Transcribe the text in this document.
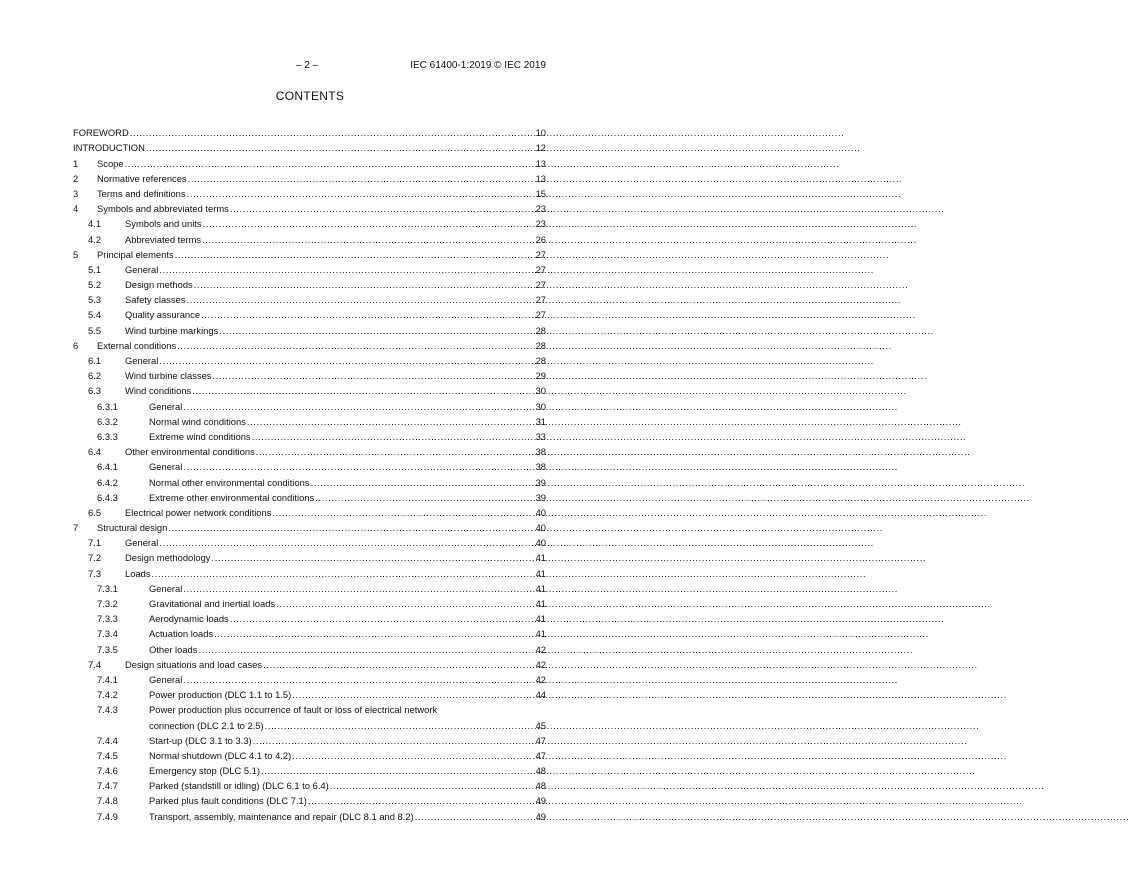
– 2 –	IEC 61400-1:2019 © IEC 2019
CONTENTS
FOREWORD .....	10
INTRODUCTION .....	12
1	Scope .....	13
2	Normative references .....	13
3	Terms and definitions .....	15
4	Symbols and abbreviated terms .....	23
4.1	Symbols and units .....	23
4.2	Abbreviated terms .....	26
5	Principal elements .....	27
5.1	General .....	27
5.2	Design methods .....	27
5.3	Safety classes .....	27
5.4	Quality assurance .....	27
5.5	Wind turbine markings .....	28
6	External conditions .....	28
6.1	General .....	28
6.2	Wind turbine classes .....	29
6.3	Wind conditions .....	30
6.3.1	General .....	30
6.3.2	Normal wind conditions .....	31
6.3.3	Extreme wind conditions .....	33
6.4	Other environmental conditions .....	38
6.4.1	General .....	38
6.4.2	Normal other environmental conditions .....	39
6.4.3	Extreme other environmental conditions .....	39
6.5	Electrical power network conditions .....	40
7	Structural design .....	40
7.1	General .....	40
7.2	Design methodology .....	41
7.3	Loads .....	41
7.3.1	General .....	41
7.3.2	Gravitational and inertial loads .....	41
7.3.3	Aerodynamic loads .....	41
7.3.4	Actuation loads .....	41
7.3.5	Other loads .....	42
7.4	Design situations and load cases .....	42
7.4.1	General .....	42
7.4.2	Power production (DLC 1.1 to 1.5) .....	44
7.4.3	Power production plus occurrence of fault or loss of electrical network
connection (DLC 2.1 to 2.5) .....	45
7.4.4	Start-up (DLC 3.1 to 3.3) .....	47
7.4.5	Normal shutdown (DLC 4.1 to 4.2) .....	47
7.4.6	Emergency stop (DLC 5.1) .....	48
7.4.7	Parked (standstill or idling) (DLC 6.1 to 6.4) .....	48
7.4.8	Parked plus fault conditions (DLC 7.1) .....	49
7.4.9	Transport, assembly, maintenance and repair (DLC 8.1 and 8.2) .....	49
